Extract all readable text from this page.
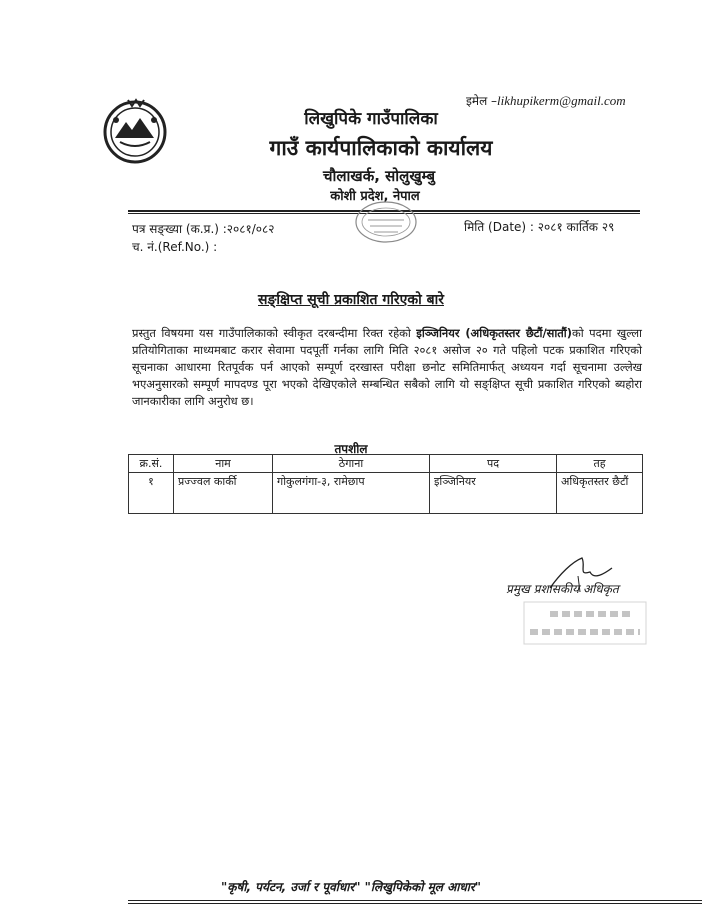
इमेल –likhupikerm@gmail.com
लिखुपिके गाउँपालिका
गाउँ कार्यपालिकाको कार्यालय
चौलाखर्क, सोलुखुम्बु
कोशी प्रदेश, नेपाल
पत्र सङ्ख्या (क.प्र.) :२०८१/०८२	मिति (Date) : २०८१ कार्तिक २९
च. नं.(Ref.No.) :
सङ्क्षिप्त सूची प्रकाशित गरिएको बारे
प्रस्तुत विषयमा यस गाउँपालिकाको स्वीकृत दरबन्दीमा रिक्त रहेको इञ्जिनियर (अधिकृतस्तर छैटौं/सातौं)को पदमा खुल्ला प्रतियोगिताका माध्यमबाट करार सेवामा पदपूर्ती गर्नका लागि मिति २०८१ असोज २० गते पहिलो पटक प्रकाशित गरिएको सूचनाका आधारमा रितपूर्वक पर्न आएको सम्पूर्ण दरखास्त परीक्षा छनोट समितिमार्फत् अध्ययन गर्दा सूचनामा उल्लेख भएअनुसारको सम्पूर्ण मापदण्ड पूरा भएको देखिएकोले सम्बन्धित सबैको लागि यो सङ्क्षिप्त सूची प्रकाशित गरिएको ब्यहोरा जानकारीका लागि अनुरोध छ।
तपशील
क्र.सं.	नाम	ठेगाना	पद	तह
१	प्रज्ज्वल कार्की	गोकुलगंगा-३, रामेछाप	इञ्जिनियर	अधिकृतस्तर छैटौं
प्रमुख प्रशासकीय अधिकृत
"कृषी, पर्यटन, उर्जा र पूर्वाधार" "लिखुपिकेको मूल आधार"
